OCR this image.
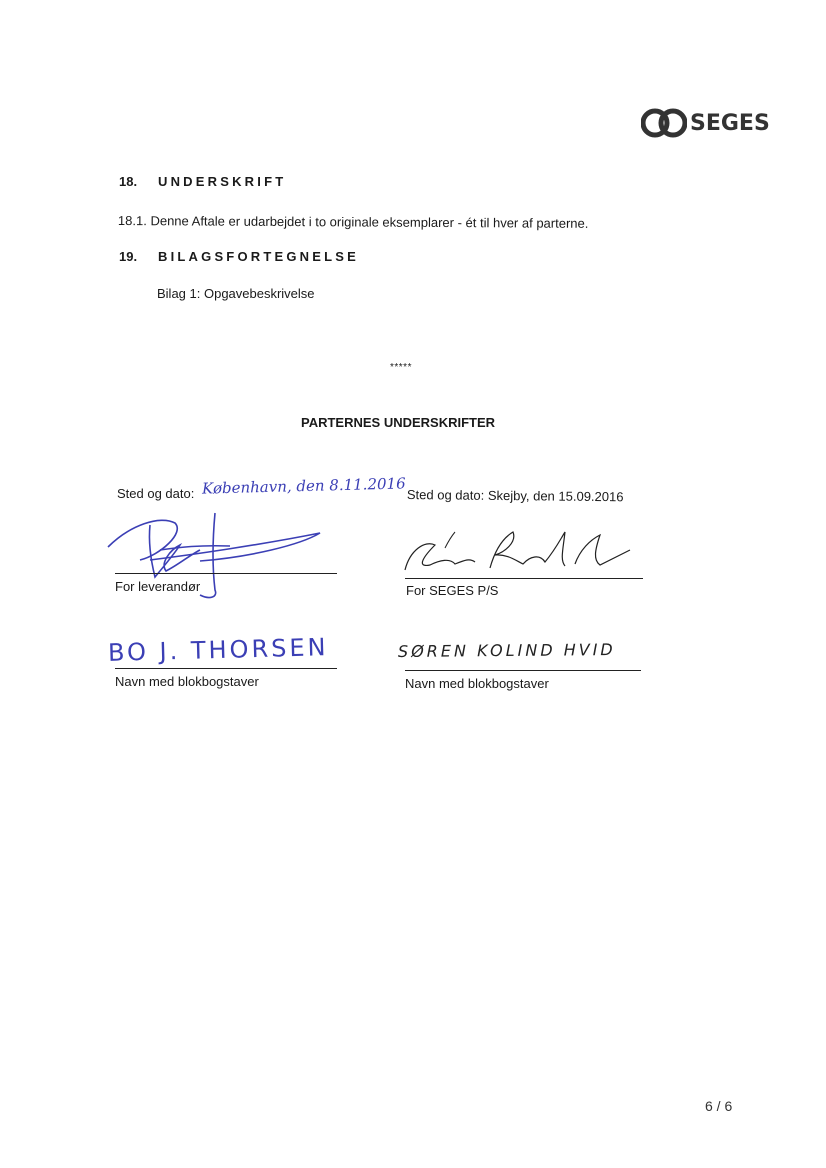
SEGES
18. UNDERSKRIFT
18.1. Denne Aftale er udarbejdet i to originale eksemplarer - ét til hver af parterne.
19. BILAGSFORTEGNELSE
Bilag 1: Opgavebeskrivelse
*****
PARTERNES UNDERSKRIFTER
Sted og dato: København, den 8.11.2016
For leverandør
BO J. THORSEN
Navn med blokbogstaver
Sted og dato: Skejby, den 15.09.2016
For SEGES P/S
SØREN KOLIND HVID
Navn med blokbogstaver
6 / 6
